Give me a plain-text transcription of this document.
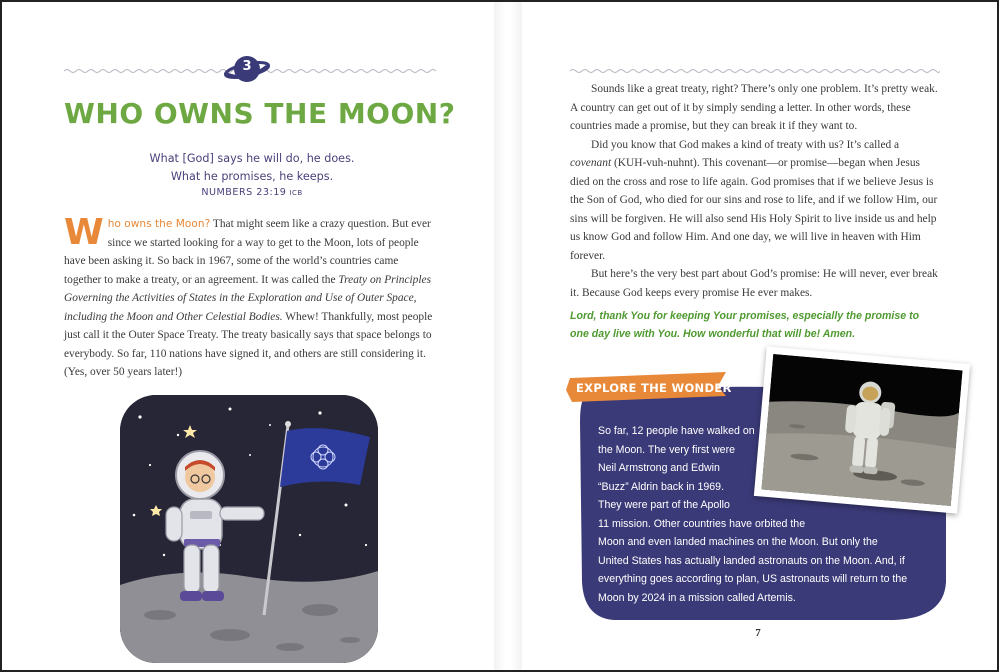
3
WHO OWNS THE MOON?
What [God] says he will do, he does.
What he promises, he keeps.
NUMBERS 23:19 ICB
Who owns the Moon? That might seem like a crazy question. But ever since we started looking for a way to get to the Moon, lots of people have been asking it. So back in 1967, some of the world’s countries came together to make a treaty, or an agreement. It was called the Treaty on Principles Governing the Activities of States in the Exploration and Use of Outer Space, including the Moon and Other Celestial Bodies. Whew! Thankfully, most people just call it the Outer Space Treaty. The treaty basically says that space belongs to everybody. So far, 110 nations have signed it, and others are still considering it. (Yes, over 50 years later!)

Sounds like a great treaty, right? There’s only one problem. It’s pretty weak. A country can get out of it by simply sending a letter. In other words, these countries made a promise, but they can break it if they want to.

Did you know that God makes a kind of treaty with us? It’s called a covenant (KUH-vuh-nuhnt). This covenant—or promise—began when Jesus died on the cross and rose to life again. God promises that if we believe Jesus is the Son of God, who died for our sins and rose to life, and if we follow Him, our sins will be forgiven. He will also send His Holy Spirit to live inside us and help us know God and follow Him. And one day, we will live in heaven with Him forever.

But here’s the very best part about God’s promise: He will never, ever break it. Because God keeps every promise He ever makes.

Lord, thank You for keeping Your promises, especially the promise to one day live with You. How wonderful that will be! Amen.
EXPLORE THE WONDER
So far, 12 people have walked on
the Moon. The very first were
Neil Armstrong and Edwin
“Buzz” Aldrin back in 1969.
They were part of the Apollo
11 mission. Other countries have orbited the
Moon and even landed machines on the Moon. But only the
United States has actually landed astronauts on the Moon. And, if
everything goes according to plan, US astronauts will return to the
Moon by 2024 in a mission called Artemis.
7
